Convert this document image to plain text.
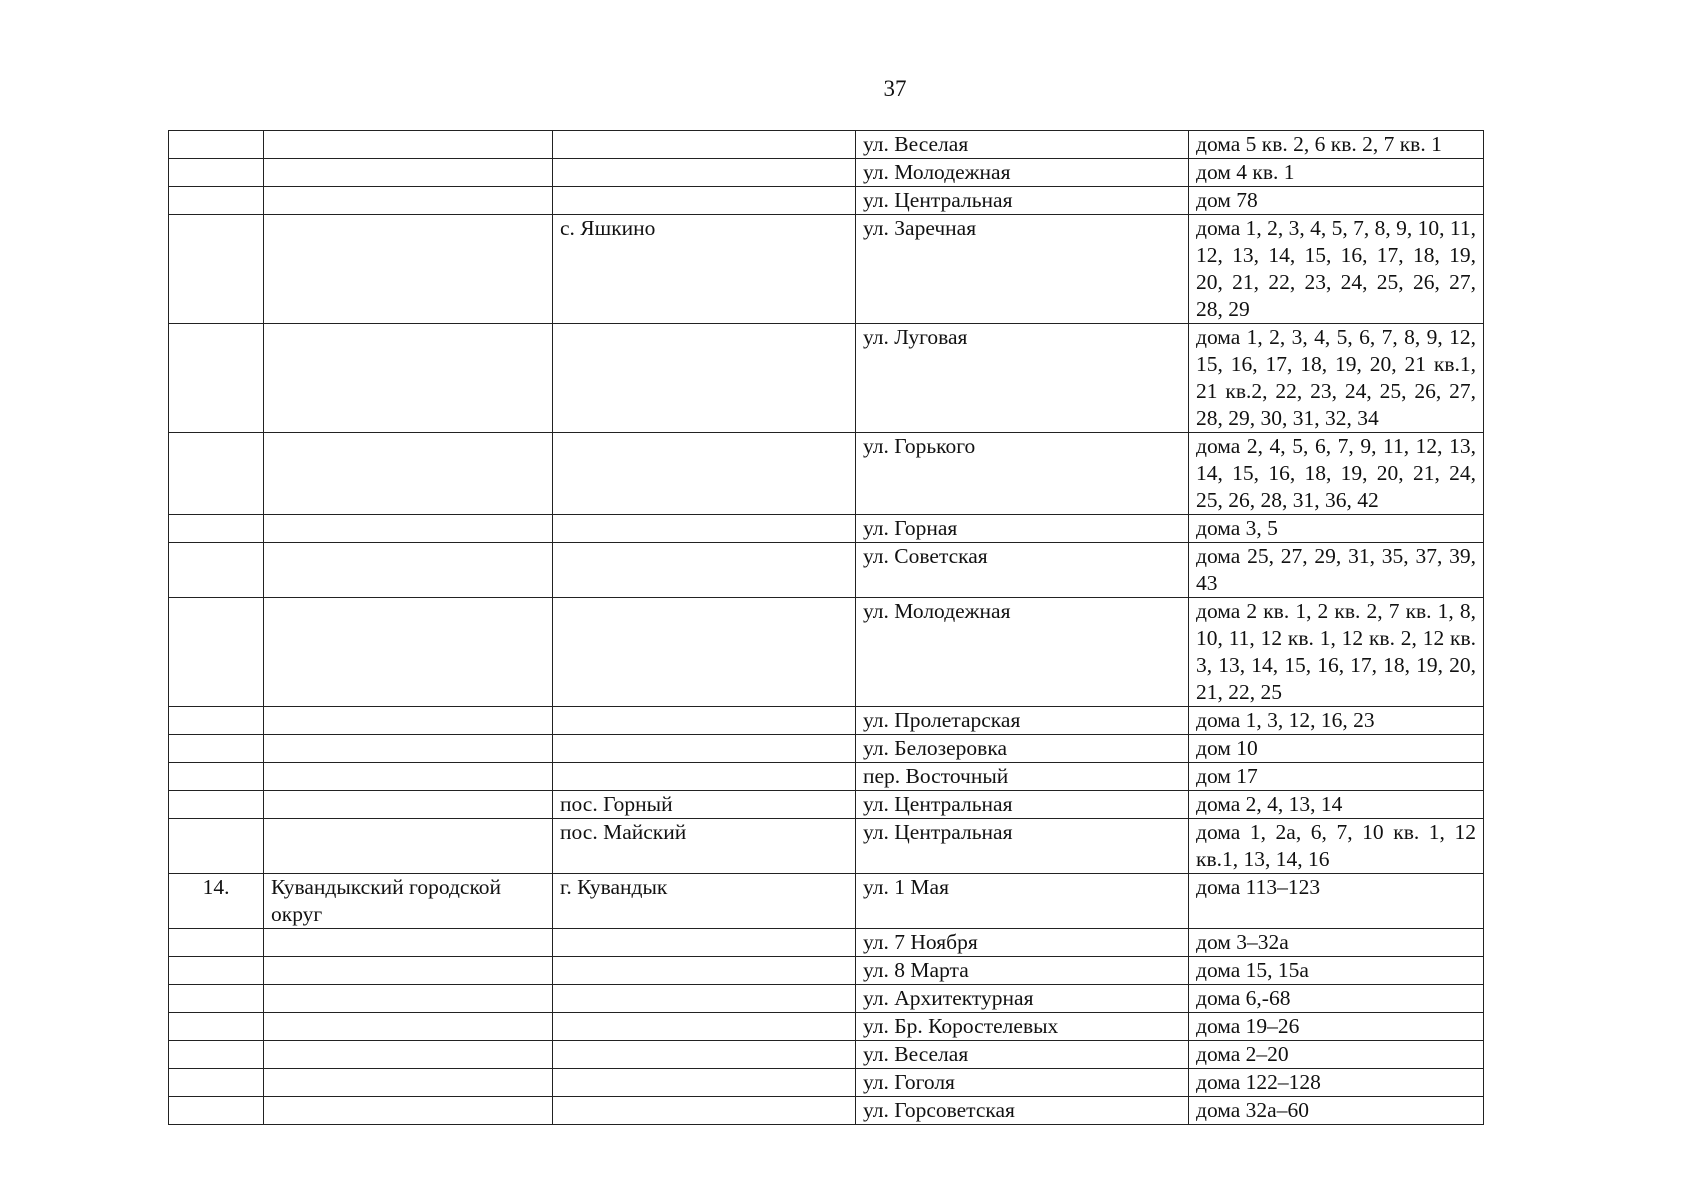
37
			ул. Веселая	дома 5 кв. 2, 6 кв. 2, 7 кв. 1
			ул. Молодежная	дом 4 кв. 1
			ул. Центральная	дом 78
		с. Яшкино	ул. Заречная	дома 1, 2, 3, 4, 5, 7, 8, 9, 10, 11, 12, 13, 14, 15, 16, 17, 18, 19, 20, 21, 22, 23, 24, 25, 26, 27, 28, 29
			ул. Луговая	дома 1, 2, 3, 4, 5, 6, 7, 8, 9, 12, 15, 16, 17, 18, 19, 20, 21 кв.1, 21 кв.2, 22, 23, 24, 25, 26, 27, 28, 29, 30, 31, 32, 34
			ул. Горького	дома 2, 4, 5, 6, 7, 9, 11, 12, 13, 14, 15, 16, 18, 19, 20, 21, 24, 25, 26, 28, 31, 36, 42
			ул. Горная	дома 3, 5
			ул. Советская	дома 25, 27, 29, 31, 35, 37, 39, 43
			ул. Молодежная	дома 2 кв. 1, 2 кв. 2, 7 кв. 1, 8, 10, 11, 12 кв. 1, 12 кв. 2, 12 кв. 3, 13, 14, 15, 16, 17, 18, 19, 20, 21, 22, 25
			ул. Пролетарская	дома 1, 3, 12, 16, 23
			ул. Белозеровка	дом 10
			пер. Восточный	дом 17
		пос. Горный	ул. Центральная	дома 2, 4, 13, 14
		пос. Майский	ул. Центральная	дома 1, 2а, 6, 7, 10 кв. 1, 12 кв.1, 13, 14, 16
14.	Кувандыкский городской округ	г. Кувандык	ул. 1 Мая	дома 113–123
			ул. 7 Ноября	дом 3–32а
			ул. 8 Марта	дома 15, 15а
			ул. Архитектурная	дома 6,-68
			ул. Бр. Коростелевых	дома 19–26
			ул. Веселая	дома 2–20
			ул. Гоголя	дома 122–128
			ул. Горсоветская	дома 32а–60
